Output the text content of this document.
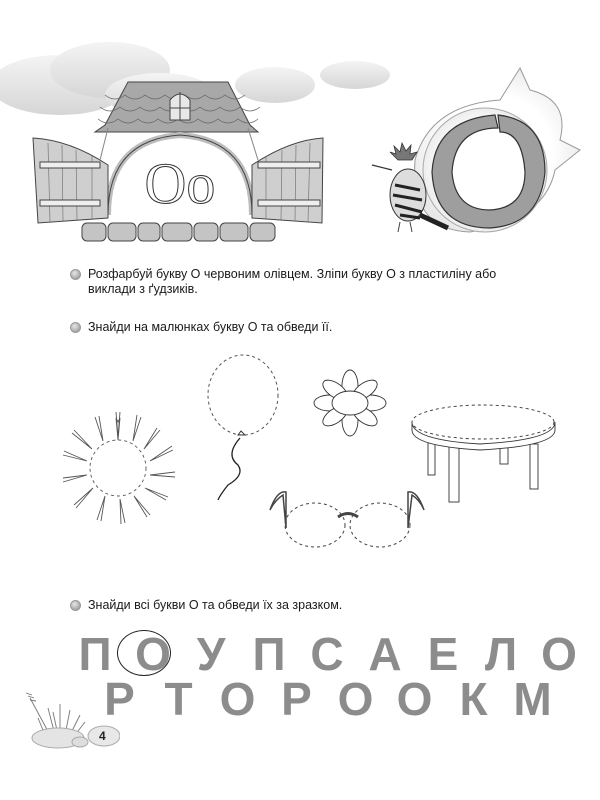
Oo
Розфарбуй букву О червоним олівцем. Зліпи букву О з пластиліну або виклади з ґудзиків.
Знайди на малюнках букву О та обведи її.
Знайди всі букви О та обведи їх за зразком.
П О У П С А Е Л О
Р Т О Р О О К М
4
